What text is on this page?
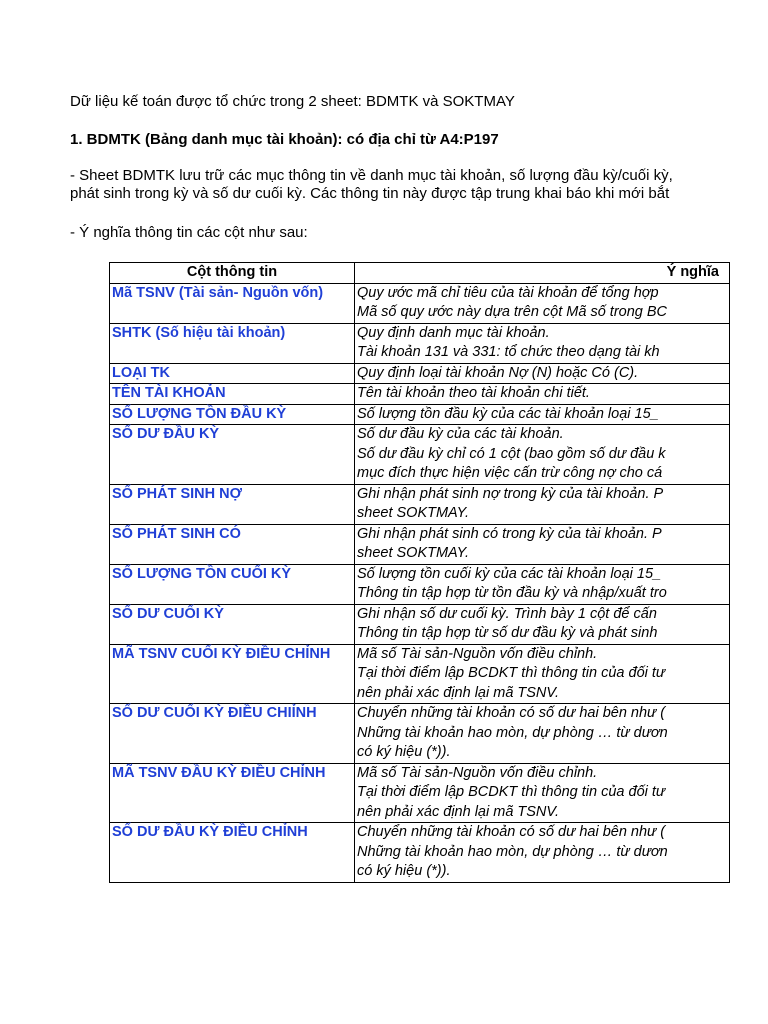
Dữ liệu kế toán được tổ chức trong 2 sheet: BDMTK và SOKTMAY
1. BDMTK (Bảng danh mục tài khoản): có địa chỉ từ A4:P197
- Sheet BDMTK lưu trữ các mục thông tin về danh mục tài khoản, số lượng đầu kỳ/cuối kỳ,
phát sinh trong kỳ và số dư cuối kỳ. Các thông tin này được tập trung khai báo khi mới bắt
- Ý nghĩa thông tin các cột như sau:
Cột thông tin	Ý nghĩa
Mã TSNV (Tài sản- Nguồn vốn)	Quy ước mã chỉ tiêu của tài khoản để tổng hợp
Mã số quy ước này dựa trên cột Mã số trong BC

SHTK (Số hiệu tài khoản)	Quy định danh mục tài khoản.
Tài khoản 131 và 331: tổ chức theo dạng tài kh

LOẠI TK	Quy định loại tài khoản Nợ (N) hoặc Có (C).

TÊN TÀI KHOẢN	Tên tài khoản theo tài khoản chi tiết.

SỐ LƯỢNG TỒN ĐẦU KỲ	Số lượng tồn đầu kỳ của các tài khoản loại 15_

SỐ DƯ ĐẦU KỲ	Số dư đầu kỳ của các tài khoản.
Số dư đầu kỳ chỉ có 1 cột (bao gồm số dư đầu k
mục đích thực hiện việc cấn trừ công nợ cho cá

SỐ PHÁT SINH NỢ	Ghi nhận phát sinh nợ trong kỳ của tài khoản. P
sheet SOKTMAY.

SỐ PHÁT SINH CÓ	Ghi nhận phát sinh có trong kỳ của tài khoản. P
sheet SOKTMAY.

SỐ LƯỢNG TỒN CUỐI KỲ	Số lượng tồn cuối kỳ của các tài khoản loại 15_
Thông tin tập hợp từ tồn đầu kỳ và nhập/xuất tro

SỐ DƯ CUỐI KỲ	Ghi nhận số dư cuối kỳ. Trình bày 1 cột để cấn
Thông tin tập hợp từ số dư đầu kỳ và phát sinh

MÃ TSNV CUỐI KỲ ĐIỀU CHỈNH	Mã số Tài sản-Nguồn vốn điều chỉnh.
Tại thời điểm lập BCDKT thì thông tin của đối tư
nên phải xác định lại mã TSNV.

SỐ DƯ CUỐI KỲ ĐIỀU CHIỈNH	Chuyển những tài khoản có số dư hai bên như (
Những tài khoản hao mòn, dự phòng … từ dươn
có ký hiệu (*)).

MÃ TSNV ĐẦU KỲ ĐIỀU CHỈNH	Mã số Tài sản-Nguồn vốn điều chỉnh.
Tại thời điểm lập BCDKT thì thông tin của đối tư
nên phải xác định lại mã TSNV.

SỐ DƯ ĐẦU KỲ ĐIỀU CHỈNH	Chuyển những tài khoản có số dư hai bên như (
Những tài khoản hao mòn, dự phòng … từ dươn
có ký hiệu (*)).
